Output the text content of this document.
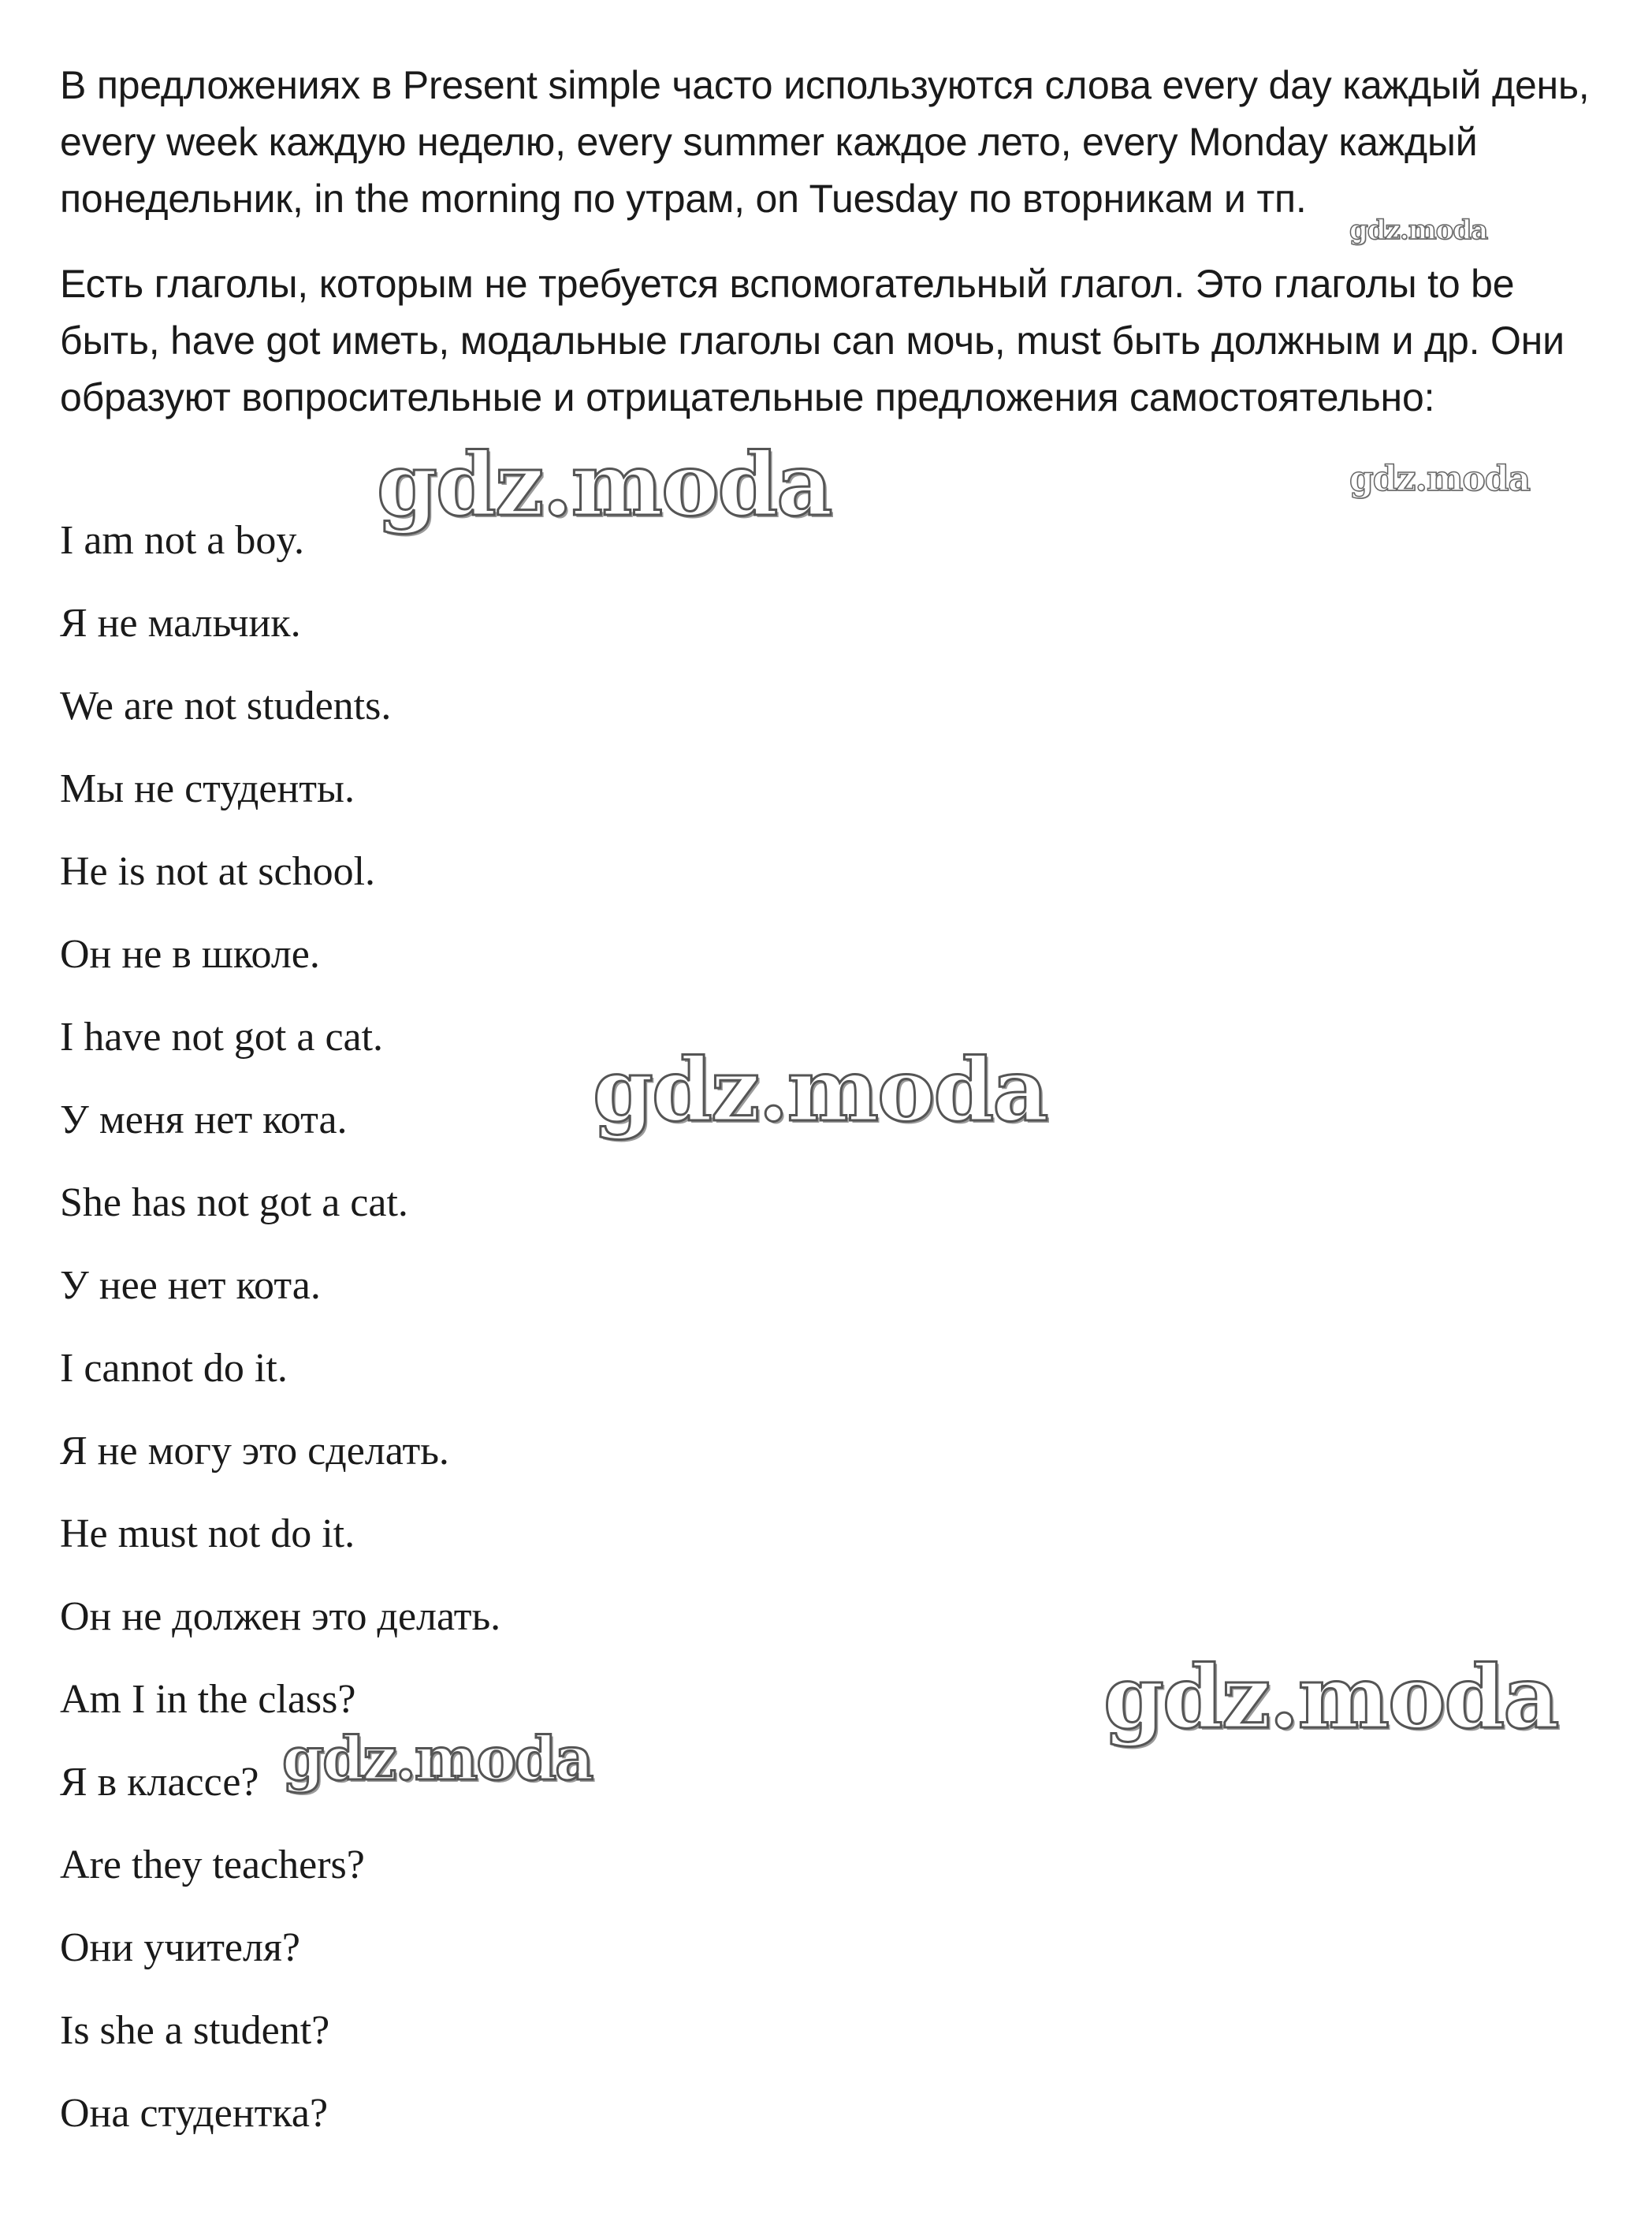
В предложениях в Present simple часто используются слова every day каждый день, every week каждую неделю, every summer каждое лето, every Monday каждый понедельник, in the morning по утрам, on Tuesday по вторникам и тп.

Есть глаголы, которым не требуется вспомогательный глагол. Это глаголы to be быть, have got иметь, модальные глаголы can мочь, must быть должным и др. Они образуют вопросительные и отрицательные предложения самостоятельно:

I am not a boy.

Я не мальчик.

We are not students.

Мы не студенты.

He is not at school.

Он не в школе.

I have not got a cat.

У меня нет кота.

She has not got a cat.

У нее нет кота.

I cannot do it.

Я не могу это сделать.

He must not do it.

Он не должен это делать.

Am I in the class?

Я в классе?

Are they teachers?

Они учителя?

Is she a student?

Она студентка?

gdz.moda
gdz.moda
gdz.moda
gdz.moda
gdz.moda
gdz.moda
